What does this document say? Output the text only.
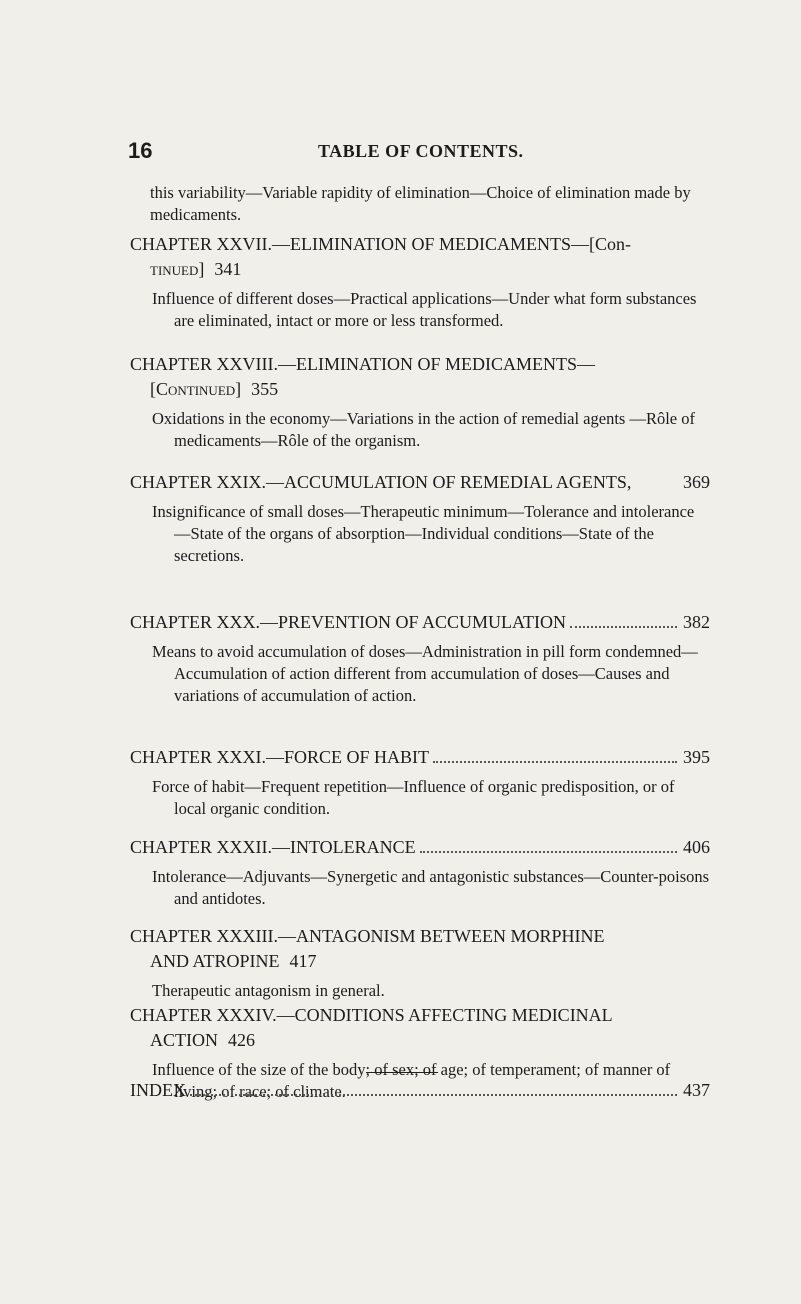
16	TABLE OF CONTENTS.
this variability—Variable rapidity of elimination—Choice of elimination made by medicaments.
CHAPTER XXVII.—ELIMINATION OF MEDICAMENTS—[Con-
tinued] 341
Influence of different doses—Practical applications—Under what form substances are eliminated, intact or more or less transformed.
CHAPTER XXVIII.—ELIMINATION OF MEDICAMENTS—
[Continued] 355
Oxidations in the economy—Variations in the action of remedial agents —Rôle of medicaments—Rôle of the organism.
CHAPTER XXIX.—ACCUMULATION OF REMEDIAL AGENTS,	369
Insignificance of small doses—Therapeutic minimum—Tolerance and intolerance—State of the organs of absorption—Individual conditions—State of the secretions.
CHAPTER XXX.—PREVENTION OF ACCUMULATION	382
Means to avoid accumulation of doses—Administration in pill form condemned—Accumulation of action different from accumulation of doses—Causes and variations of accumulation of action.
CHAPTER XXXI.—FORCE OF HABIT	395
Force of habit—Frequent repetition—Influence of organic predisposition, or of local organic condition.
CHAPTER XXXII.—INTOLERANCE	406
Intolerance—Adjuvants—Synergetic and antagonistic substances—Counter-poisons and antidotes.
CHAPTER XXXIII.—ANTAGONISM BETWEEN MORPHINE
AND ATROPINE 417
Therapeutic antagonism in general.
CHAPTER XXXIV.—CONDITIONS AFFECTING MEDICINAL
ACTION 426
Influence of the size of the body; of sex; of age; of temperament; of manner of living; of race; of climate.
INDEX	437
